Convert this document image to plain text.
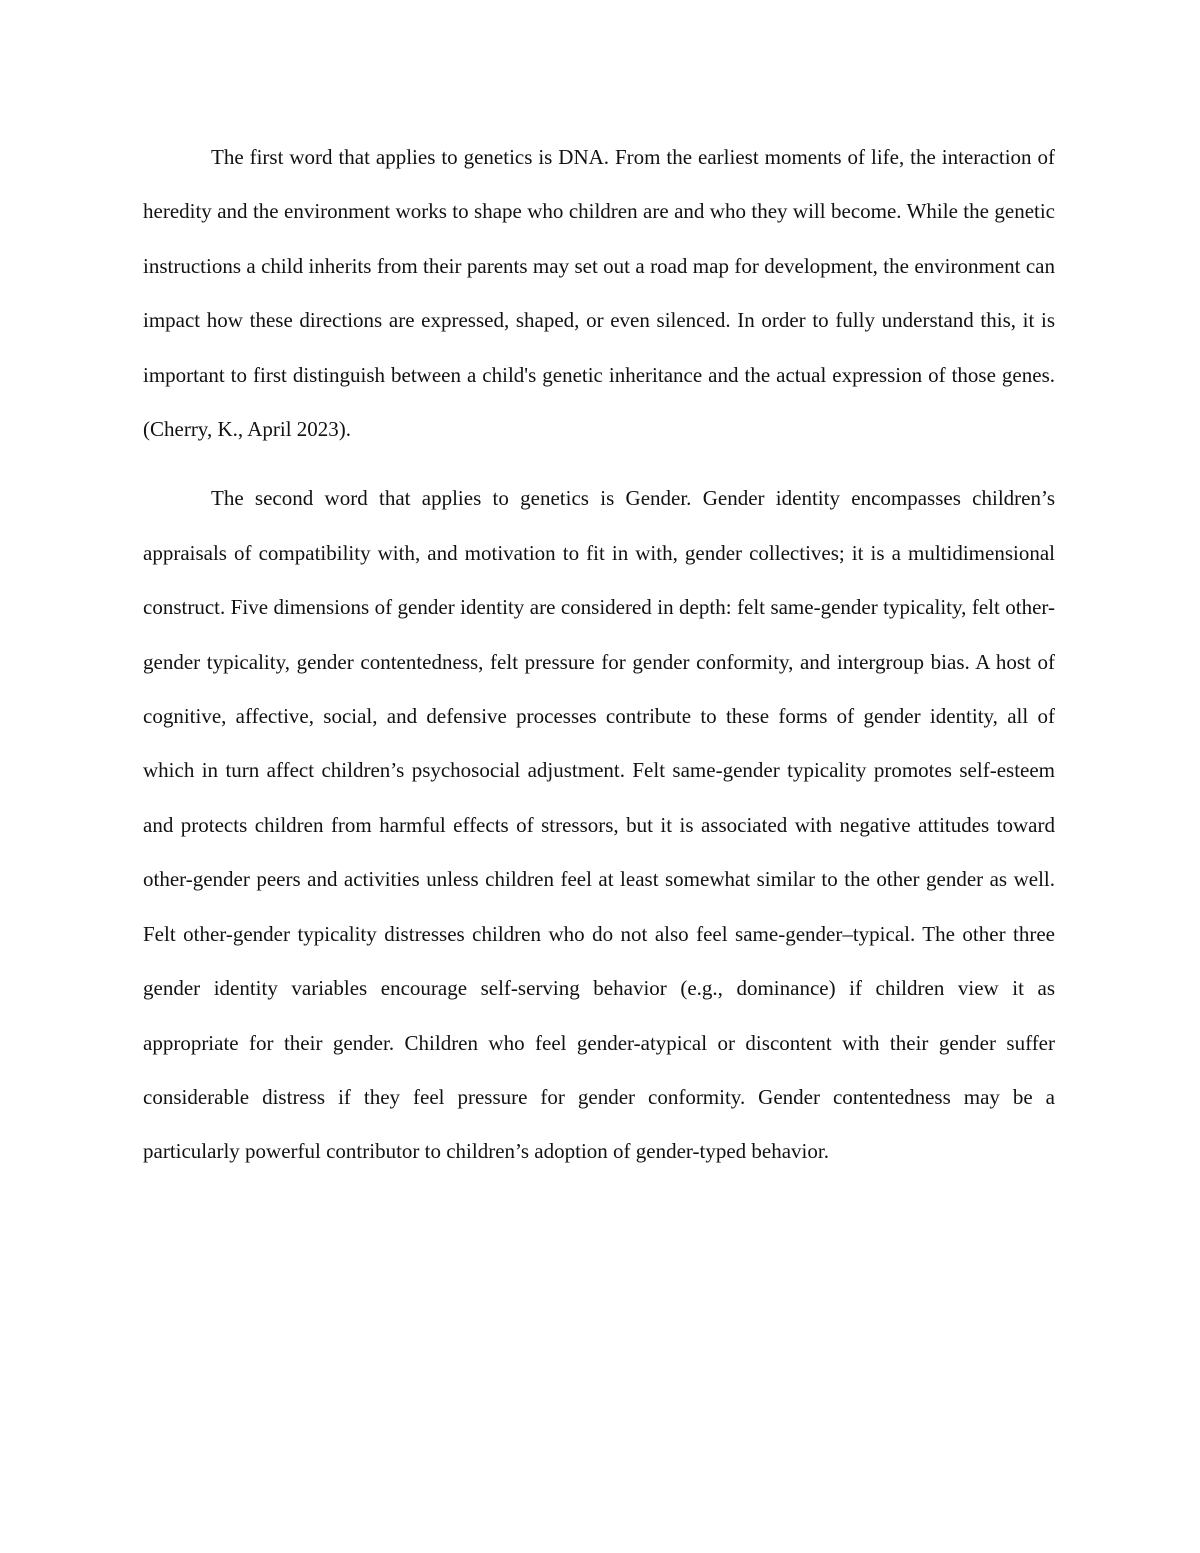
The first word that applies to genetics is DNA. From the earliest moments of life, the interaction of heredity and the environment works to shape who children are and who they will become. While the genetic instructions a child inherits from their parents may set out a road map for development, the environment can impact how these directions are expressed, shaped, or even silenced. In order to fully understand this, it is important to first distinguish between a child's genetic inheritance and the actual expression of those genes. (Cherry, K., April 2023).

The second word that applies to genetics is Gender. Gender identity encompasses children’s appraisals of compatibility with, and motivation to fit in with, gender collectives; it is a multidimensional construct. Five dimensions of gender identity are considered in depth: felt same-gender typicality, felt other-gender typicality, gender contentedness, felt pressure for gender conformity, and intergroup bias. A host of cognitive, affective, social, and defensive processes contribute to these forms of gender identity, all of which in turn affect children’s psychosocial adjustment. Felt same-gender typicality promotes self-esteem and protects children from harmful effects of stressors, but it is associated with negative attitudes toward other-gender peers and activities unless children feel at least somewhat similar to the other gender as well. Felt other-gender typicality distresses children who do not also feel same-gender–typical. The other three gender identity variables encourage self-serving behavior (e.g., dominance) if children view it as appropriate for their gender. Children who feel gender-atypical or discontent with their gender suffer considerable distress if they feel pressure for gender conformity. Gender contentedness may be a particularly powerful contributor to children’s adoption of gender-typed behavior.
